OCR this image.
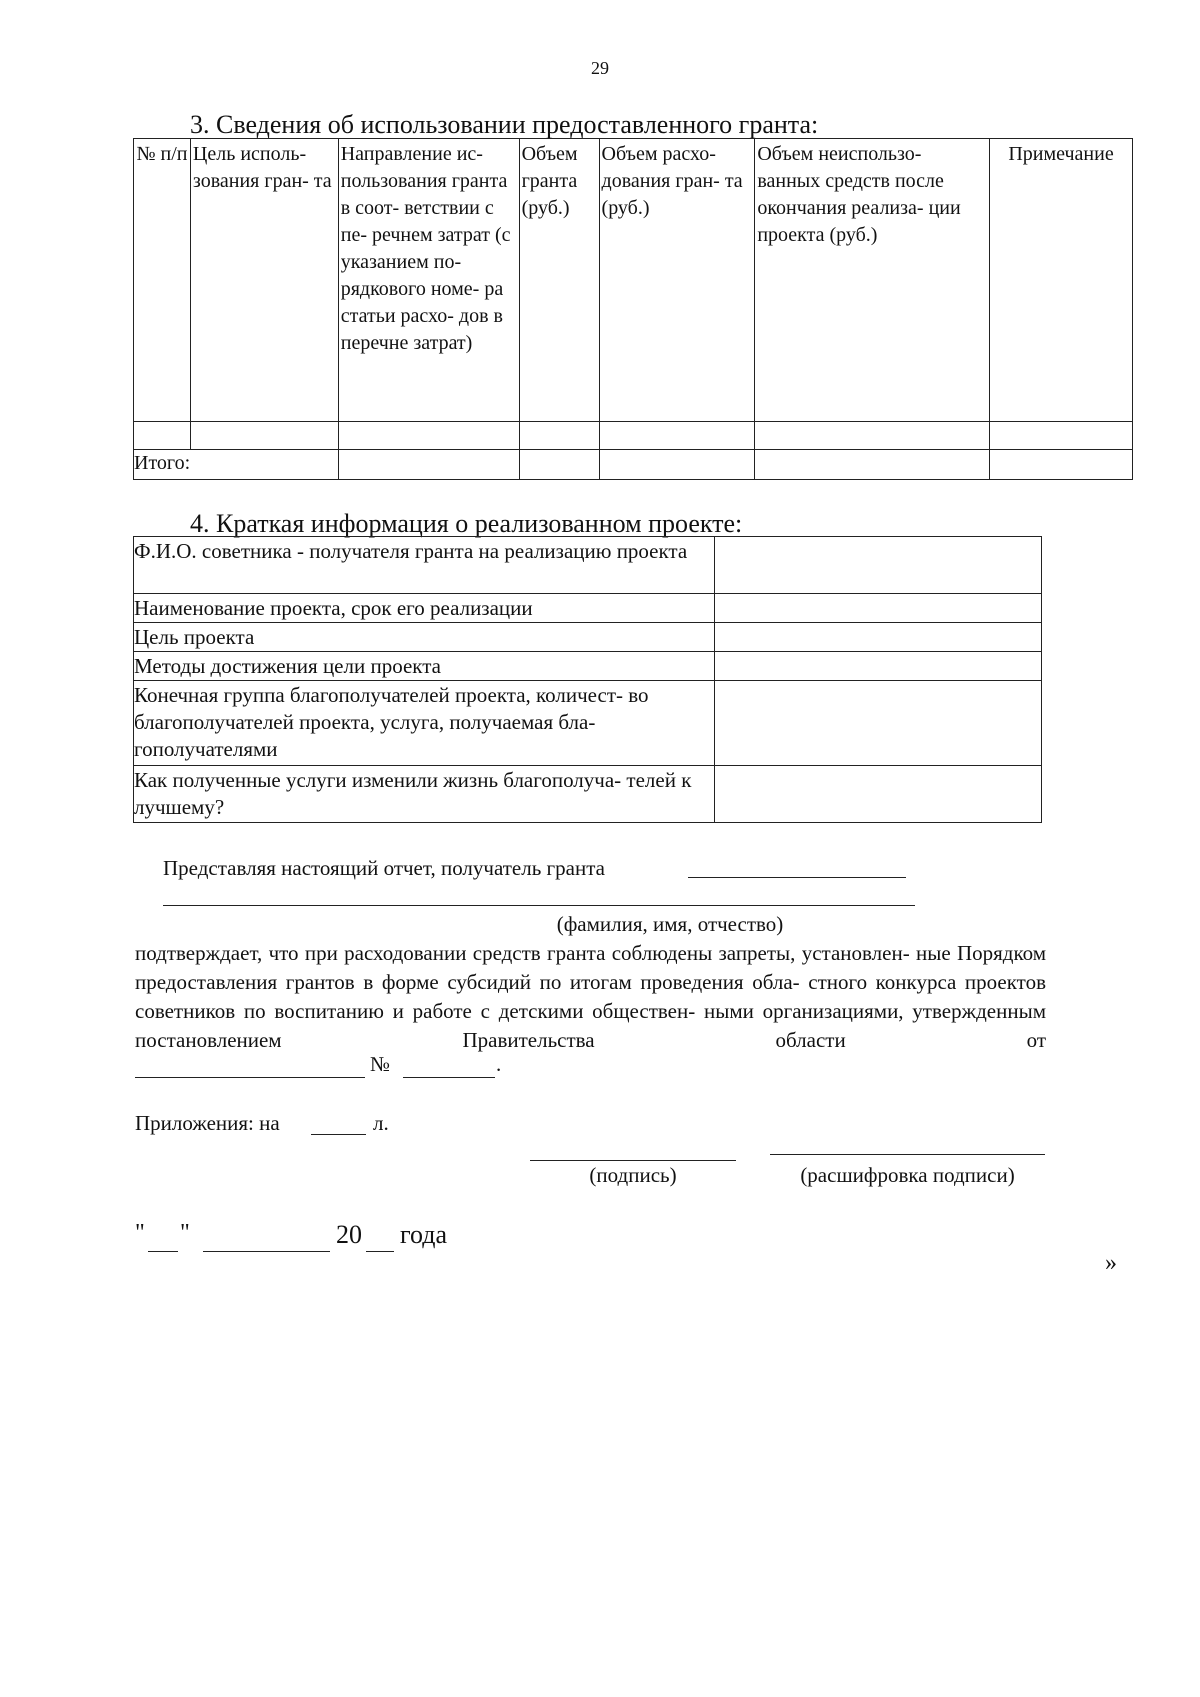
29
3. Сведения об использовании предоставленного гранта:
№ п/п	Цель исполь- зования гран- та	Направление ис- пользования гранта в соот- ветствии с пе- речнем затрат (с указанием по- рядкового номе- ра статьи расхо- дов в перечне затрат)	Объем гранта (руб.)	Объем расхо- дования гран- та (руб.)	Объем неиспользо- ванных средств после окончания реализа- ции проекта (руб.)	Примечание

Итого:						
4. Краткая информация о реализованном проекте:
Ф.И.О. советника - получателя гранта на реализацию проекта	
Наименование проекта, срок его реализации	
Цель проекта	
Методы достижения цели проекта	
Конечная группа благополучателей проекта, количест- во благополучателей проекта, услуга, получаемая бла- гополучателями	
Как полученные услуги изменили жизнь благополуча- телей к лучшему?	
Представляя настоящий отчет, получатель гранта
(фамилия, имя, отчество)
подтверждает, что при расходовании средств гранта соблюдены запреты, установлен- ные Порядком предоставления грантов в форме субсидий по итогам проведения обла- стного конкурса проектов советников по воспитанию и работе с детскими обществен- ными организациями, утвержденным постановлением Правительства области от
№	.
Приложения: на	л.
(подпись)	(расшифровка подписи)
" "	20 года
»
